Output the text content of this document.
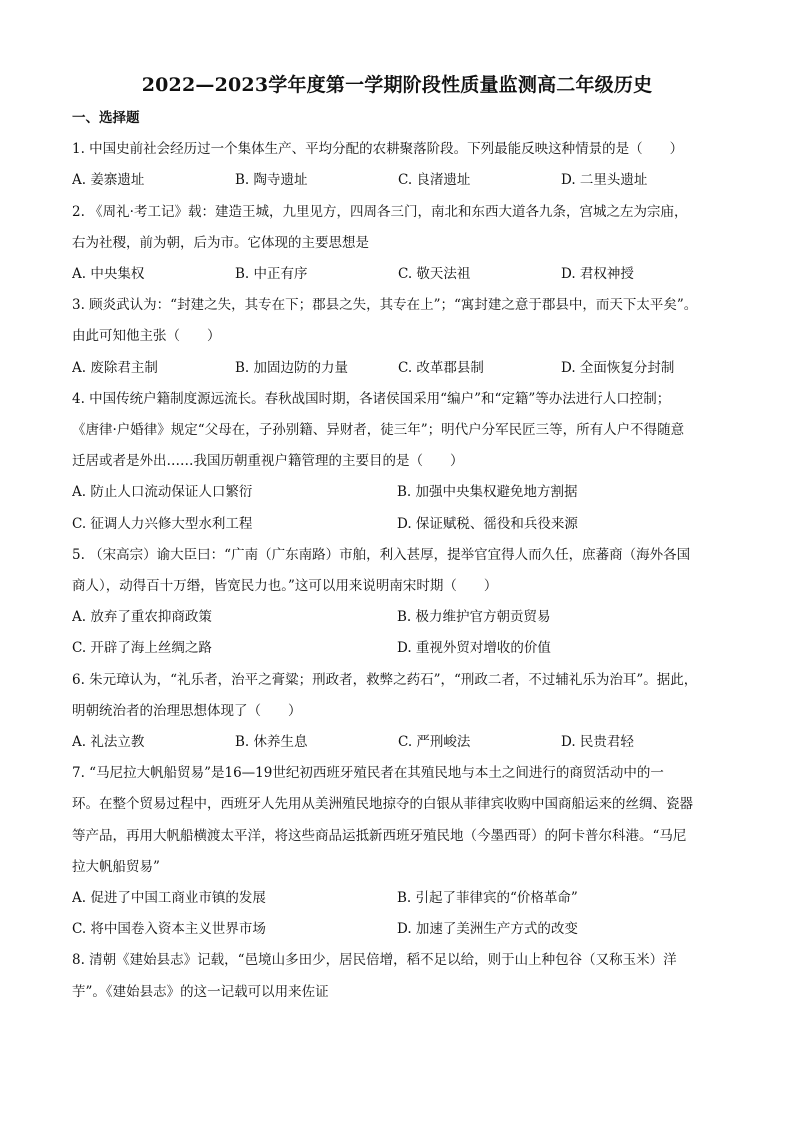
2022—2023学年度第一学期阶段性质量监测高二年级历史
一、选择题
1. 中国史前社会经历过一个集体生产、平均分配的农耕聚落阶段。下列最能反映这种情景的是（　　）
A. 姜寨遗址	B. 陶寺遗址	C. 良渚遗址	D. 二里头遗址
2. 《周礼·考工记》载：建造王城，九里见方，四周各三门，南北和东西大道各九条，宫城之左为宗庙，
右为社稷，前为朝，后为市。它体现的主要思想是
A. 中央集权	B. 中正有序	C. 敬天法祖	D. 君权神授
3. 顾炎武认为：“封建之失，其专在下；郡县之失，其专在上”；“寓封建之意于郡县中，而天下太平矣”。
由此可知他主张（　　）
A. 废除君主制	B. 加固边防的力量	C. 改革郡县制	D. 全面恢复分封制
4. 中国传统户籍制度源远流长。春秋战国时期，各诸侯国采用“编户”和“定籍”等办法进行人口控制；
《唐律·户婚律》规定“父母在，子孙别籍、异财者，徒三年”；明代户分军民匠三等，所有人户不得随意
迁居或者是外出……我国历朝重视户籍管理的主要目的是（　　）
A. 防止人口流动保证人口繁衍	B. 加强中央集权避免地方割据
C. 征调人力兴修大型水利工程	D. 保证赋税、徭役和兵役来源
5. （宋高宗）谕大臣曰：“广南（广东南路）市舶，利入甚厚，提举官宜得人而久任，庶蕃商（海外各国
商人），动得百十万缗，皆宽民力也。”这可以用来说明南宋时期（　　）
A. 放弃了重农抑商政策	B. 极力维护官方朝贡贸易
C. 开辟了海上丝绸之路	D. 重视外贸对增收的价值
6. 朱元璋认为，“礼乐者，治平之膏粱；刑政者，救弊之药石”，“刑政二者，不过辅礼乐为治耳”。据此，
明朝统治者的治理思想体现了（　　）
A. 礼法立教	B. 休养生息	C. 严刑峻法	D. 民贵君轻
7. “马尼拉大帆船贸易”是16—19世纪初西班牙殖民者在其殖民地与本土之间进行的商贸活动中的一
环。在整个贸易过程中，西班牙人先用从美洲殖民地掠夺的白银从菲律宾收购中国商船运来的丝绸、瓷器
等产品，再用大帆船横渡太平洋，将这些商品运抵新西班牙殖民地（今墨西哥）的阿卡普尔科港。“马尼
拉大帆船贸易”
A. 促进了中国工商业市镇的发展	B. 引起了菲律宾的“价格革命”
C. 将中国卷入资本主义世界市场	D. 加速了美洲生产方式的改变
8. 清朝《建始县志》记载，“邑境山多田少，居民倍增，稻不足以给，则于山上种包谷（又称玉米）洋
芋”。《建始县志》的这一记载可以用来佐证
